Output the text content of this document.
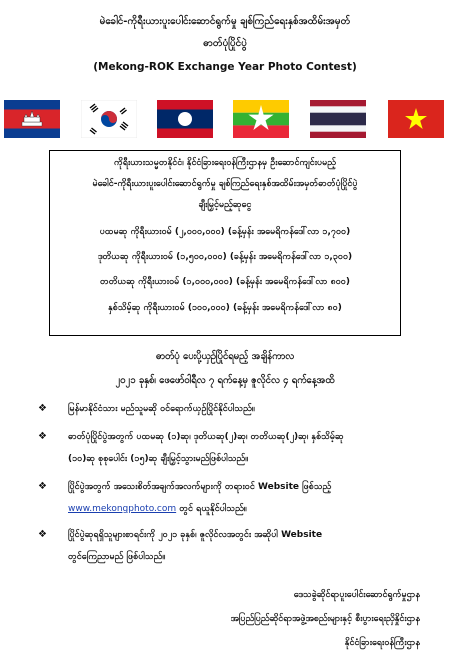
မဲခေါင်-ကိုရီးယားပူးပေါင်းဆောင်ရွက်မှု ချစ်ကြည်ရေးနှစ်အထိမ်းအမှတ်
ဓာတ်ပုံပြိုင်ပွဲ
(Mekong-ROK Exchange Year Photo Contest)
ကိုရီးယားသမ္မတနိုင်ငံ၊ နိုင်ငံခြားရေးဝန်ကြီးဌာနမှ ဦးဆောင်ကျင်းပမည့်
မဲခေါင်-ကိုရီးယားပူးပေါင်းဆောင်ရွက်မှု ချစ်ကြည်ရေးနှစ်အထိမ်းအမှတ်ဓာတ်ပုံပြိုင်ပွဲ
ချီးမြှင့်မည့်ဆုငွေ
ပထမဆု ကိုရီးယားဝမ် (၂,၀၀၀,၀၀၀) (ခန့်မှန်း အမေရိကန်ဒေါ်လာ ၁,၇၀၀)
ဒုတိယဆု ကိုရီးယားဝမ် (၁,၅၀၀,၀၀၀) (ခန့်မှန်း အမေရိကန်ဒေါ်လာ ၁,၃၀၀)
တတိယဆု ကိုရီးယားဝမ် (၁,၀၀၀,၀၀၀) (ခန့်မှန်း အမေရိကန်ဒေါ်လာ ၈၀၀)
နှစ်သိမ့်ဆု ကိုရီးယားဝမ် (၁၀၀,၀၀၀) (ခန့်မှန်း အမေရိကန်ဒေါ်လာ ၈၀)
ဓာတ်ပုံ ပေးပို့ယှဉ်ပြိုင်ရမည့် အချိန်ကာလ
၂၀၂၁ ခုနှစ်၊ ဖေဖော်ဝါရီလ ၇ ရက်နေ့မှ ဇူလိုင်လ ၄ ရက်နေ့အထိ
❖ မြန်မာနိုင်ငံသား မည်သူမဆို ဝင်ရောက်ယှဉ်ပြိုင်နိုင်ပါသည်။
❖ ဓာတ်ပုံပြိုင်ပွဲအတွက် ပထမဆု (၁)ဆု၊ ဒုတိယဆု(၂)ဆု၊ တတိယဆု(၂)ဆု၊ နှစ်သိမ့်ဆု
(၁၀)ဆု စုစုပေါင်း (၁၅)ဆု ချီးမြှင့်သွားမည်ဖြစ်ပါသည်။
❖ ပြိုင်ပွဲအတွက် အသေးစိတ်အချက်အလက်များကို တရားဝင် Website ဖြစ်သည့်
www.mekongphoto.com တွင် ရယူနိုင်ပါသည်။
❖ ပြိုင်ပွဲဆုရရှိသူများစာရင်းကို ၂၀၂၁ ခုနှစ်၊ ဇူလိုင်လအတွင်း အဆိုပါ Website
တွင်ကြေညာမည် ဖြစ်ပါသည်။
ဒေသခွဲဆိုင်ရာပူးပေါင်းဆောင်ရွက်မှုဌာန
အပြည်ပြည်ဆိုင်ရာအဖွဲ့အစည်းများနှင့် စီးပွားရေးညှိနှိုင်းဌာန
နိုင်ငံခြားရေးဝန်ကြီးဌာန
